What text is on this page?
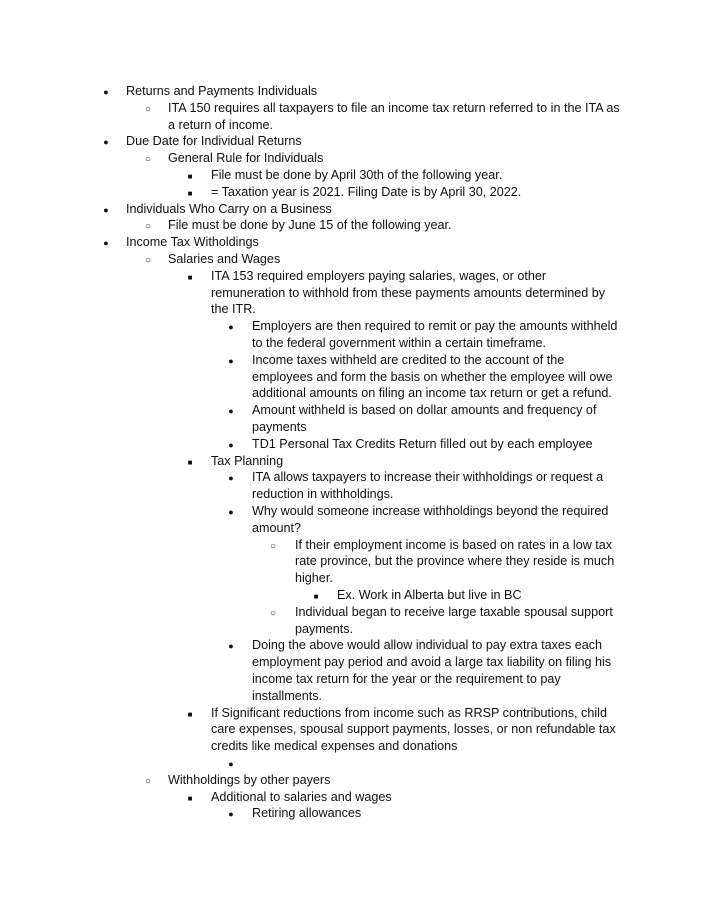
●
Returns and Payments Individuals
○
ITA 150 requires all taxpayers to file an income tax return referred to in the ITA as
a return of income.
●
Due Date for Individual Returns
○
General Rule for Individuals
■
File must be done by April 30th of the following year.
■
= Taxation year is 2021. Filing Date is by April 30, 2022.
●
Individuals Who Carry on a Business
○
File must be done by June 15 of the following year.
●
Income Tax Witholdings
○
Salaries and Wages
■
ITA 153 required employers paying salaries, wages, or other
remuneration to withhold from these payments amounts determined by
the ITR.
●
Employers are then required to remit or pay the amounts withheld
to the federal government within a certain timeframe.
●
Income taxes withheld are credited to the account of the
employees and form the basis on whether the employee will owe
additional amounts on filing an income tax return or get a refund.
●
Amount withheld is based on dollar amounts and frequency of
payments
●
TD1 Personal Tax Credits Return filled out by each employee
■
Tax Planning
●
ITA allows taxpayers to increase their withholdings or request a
reduction in withholdings.
●
Why would someone increase withholdings beyond the required
amount?
○
If their employment income is based on rates in a low tax
rate province, but the province where they reside is much
higher.
■
Ex. Work in Alberta but live in BC
○
Individual began to receive large taxable spousal support
payments.
●
Doing the above would allow individual to pay extra taxes each
employment pay period and avoid a large tax liability on filing his
income tax return for the year or the requirement to pay
installments.
■
If Significant reductions from income such as RRSP contributions, child
care expenses, spousal support payments, losses, or non refundable tax
credits like medical expenses and donations
●
○
Withholdings by other payers
■
Additional to salaries and wages
●
Retiring allowances
